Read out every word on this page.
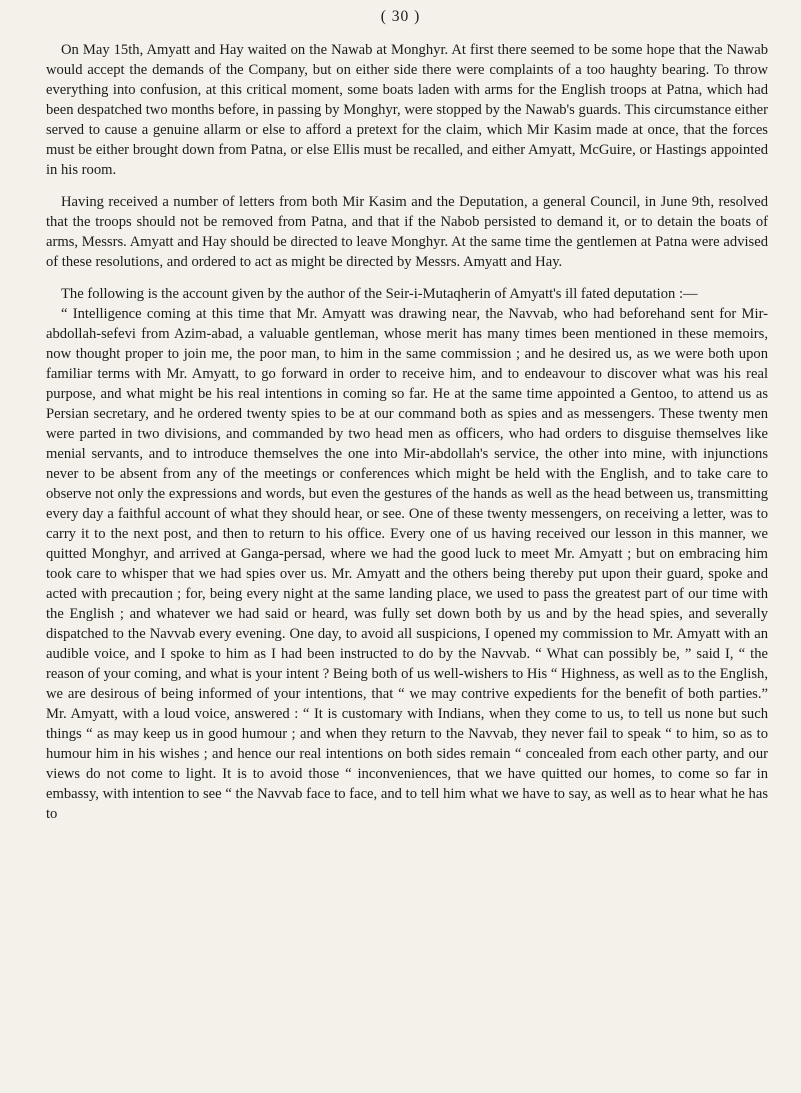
( 30 )

On May 15th, Amyatt and Hay waited on the Nawab at Monghyr. At first there seemed to be some hope that the Nawab would accept the demands of the Company, but on either side there were complaints of a too haughty bearing. To throw everything into confusion, at this critical moment, some boats laden with arms for the English troops at Patna, which had been despatched two months before, in passing by Monghyr, were stopped by the Nawab's guards. This circumstance either served to cause a genuine allarm or else to afford a pretext for the claim, which Mir Kasim made at once, that the forces must be either brought down from Patna, or else Ellis must be recalled, and either Amyatt, McGuire, or Hastings appointed in his room.

Having received a number of letters from both Mir Kasim and the Deputation, a general Council, in June 9th, resolved that the troops should not be removed from Patna, and that if the Nabob persisted to demand it, or to detain the boats of arms, Messrs. Amyatt and Hay should be directed to leave Monghyr. At the same time the gentlemen at Patna were advised of these resolutions, and ordered to act as might be directed by Messrs. Amyatt and Hay.

The following is the account given by the author of the Seir-i-Mutaqherin of Amyatt's ill fated deputation :—

“ Intelligence coming at this time that Mr. Amyatt was drawing near, the Navvab, who had beforehand sent for Mir-abdollah-sefevi from Azim-abad, a valuable gentleman, whose merit has many times been mentioned in these memoirs, now thought proper to join me, the poor man, to him in the same commission ; and he desired us, as we were both upon familiar terms with Mr. Amyatt, to go forward in order to receive him, and to endeavour to discover what was his real purpose, and what might be his real intentions in coming so far. He at the same time appointed a Gentoo, to attend us as Persian secretary, and he ordered twenty spies to be at our command both as spies and as messengers. These twenty men were parted in two divisions, and commanded by two head men as officers, who had orders to disguise themselves like menial servants, and to introduce themselves the one into Mir-abdollah's service, the other into mine, with injunctions never to be absent from any of the meetings or conferences which might be held with the English, and to take care to observe not only the expressions and words, but even the gestures of the hands as well as the head between us, transmitting every day a faithful account of what they should hear, or see. One of these twenty messengers, on receiving a letter, was to carry it to the next post, and then to return to his office. Every one of us having received our lesson in this manner, we quitted Monghyr, and arrived at Ganga-persad, where we had the good luck to meet Mr. Amyatt ; but on embracing him took care to whisper that we had spies over us. Mr. Amyatt and the others being thereby put upon their guard, spoke and acted with precaution ; for, being every night at the same landing place, we used to pass the greatest part of our time with the English ; and whatever we had said or heard, was fully set down both by us and by the head spies, and severally dispatched to the Navvab every evening. One day, to avoid all suspicions, I opened my commission to Mr. Amyatt with an audible voice, and I spoke to him as I had been instructed to do by the Navvab. “ What can possibly be, ” said I, “ the reason of your coming, and what is your intent ? Being both of us well-wishers to His “ Highness, as well as to the English, we are desirous of being informed of your intentions, that “ we may contrive expedients for the benefit of both parties.” Mr. Amyatt, with a loud voice, answered : “ It is customary with Indians, when they come to us, to tell us none but such things “ as may keep us in good humour ; and when they return to the Navvab, they never fail to speak “ to him, so as to humour him in his wishes ; and hence our real intentions on both sides remain “ concealed from each other party, and our views do not come to light. It is to avoid those “ inconveniences, that we have quitted our homes, to come so far in embassy, with intention to see “ the Navvab face to face, and to tell him what we have to say, as well as to hear what he has to
